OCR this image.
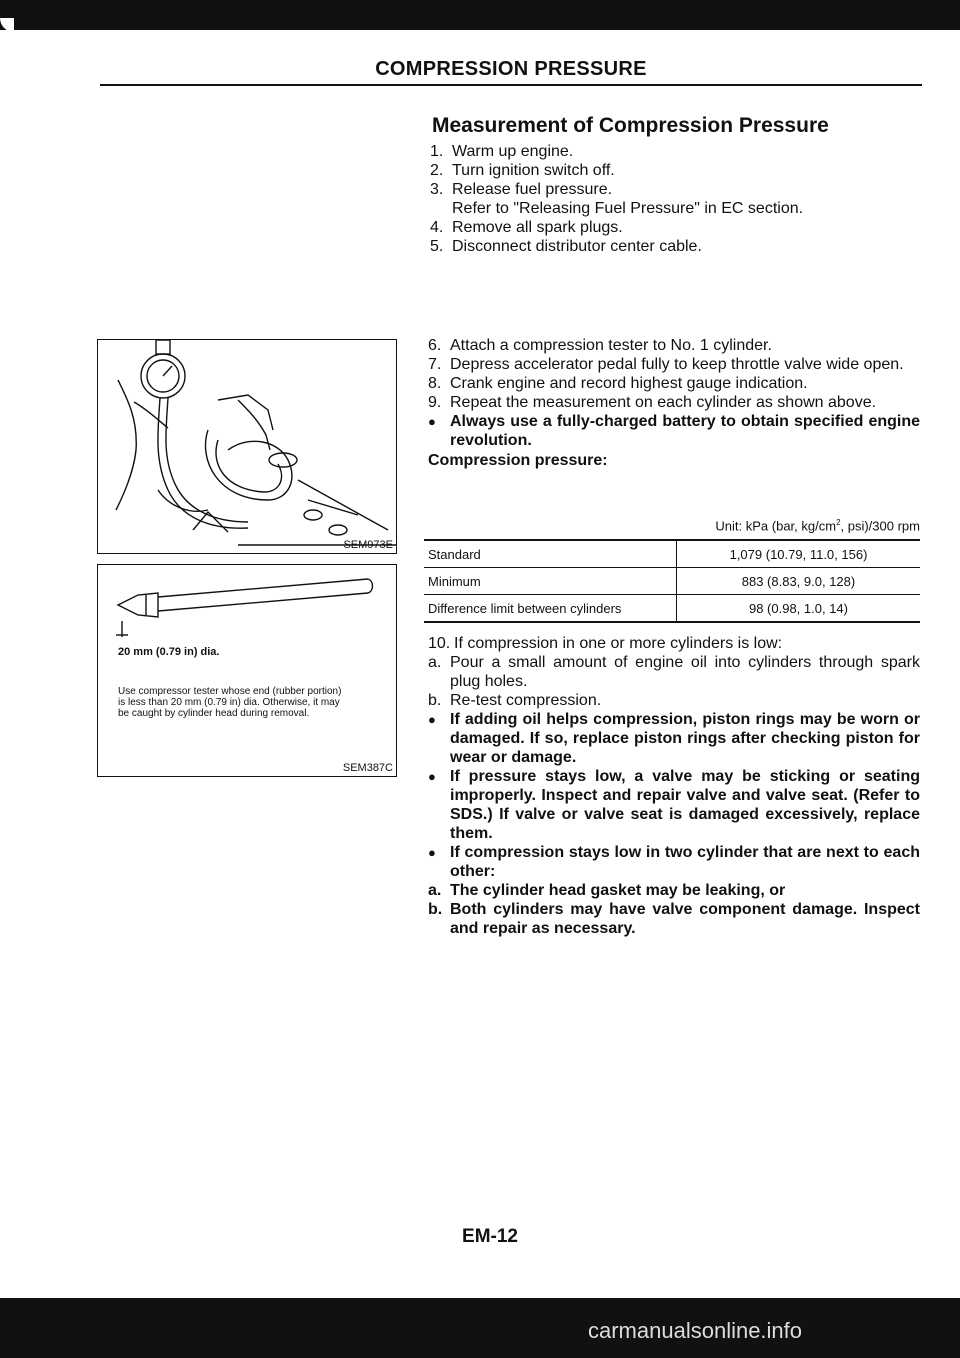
COMPRESSION PRESSURE
Measurement of Compression Pressure
1. Warm up engine.
2. Turn ignition switch off.
3. Release fuel pressure.
Refer to "Releasing Fuel Pressure" in EC section.
4. Remove all spark plugs.
5. Disconnect distributor center cable.
SEM973E
SEM387C
20 mm (0.79 in) dia.
Use compressor tester whose end (rubber portion) is less than 20 mm (0.79 in) dia. Otherwise, it may be caught by cylinder head during removal.
6. Attach a compression tester to No. 1 cylinder.
7. Depress accelerator pedal fully to keep throttle valve wide open.
8. Crank engine and record highest gauge indication.
9. Repeat the measurement on each cylinder as shown above.
● Always use a fully-charged battery to obtain specified engine revolution.
Compression pressure:
Unit: kPa (bar, $kg/cm^2$, psi)/300 rpm
Standard	1,079 (10.79, 11.0, 156)
Minimum	883 (8.83, 9.0, 128)
Difference limit between cylinders	98 (0.98, 1.0, 14)
10. If compression in one or more cylinders is low:
a. Pour a small amount of engine oil into cylinders through spark plug holes.
b. Re-test compression.
● If adding oil helps compression, piston rings may be worn or damaged. If so, replace piston rings after checking piston for wear or damage.
● If pressure stays low, a valve may be sticking or seating improperly. Inspect and repair valve and valve seat. (Refer to SDS.) If valve or valve seat is damaged excessively, replace them.
● If compression stays low in two cylinder that are next to each other:
a. The cylinder head gasket may be leaking, or
b. Both cylinders may have valve component damage. Inspect and repair as necessary.
EM-12
carmanualsonline.info
